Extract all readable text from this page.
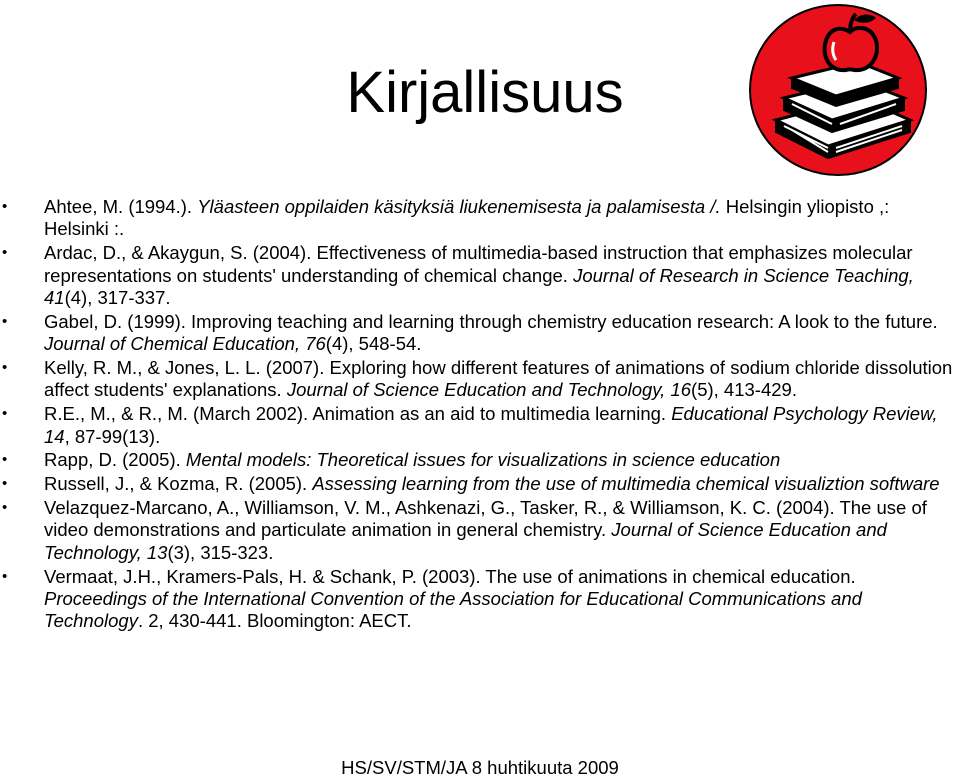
Kirjallisuus
• Ahtee, M. (1994.). Yläasteen oppilaiden käsityksiä liukenemisesta ja palamisesta /. Helsingin yliopisto ,: Helsinki :.
• Ardac, D., & Akaygun, S. (2004). Effectiveness of multimedia-based instruction that emphasizes molecular representations on students' understanding of chemical change. Journal of Research in Science Teaching, 41(4), 317-337.
• Gabel, D. (1999). Improving teaching and learning through chemistry education research: A look to the future. Journal of Chemical Education, 76(4), 548-54.
• Kelly, R. M., & Jones, L. L. (2007). Exploring how different features of animations of sodium chloride dissolution affect students' explanations. Journal of Science Education and Technology, 16(5), 413-429.
• R.E., M., & R., M. (March 2002). Animation as an aid to multimedia learning. Educational Psychology Review, 14, 87-99(13).
• Rapp, D. (2005). Mental models: Theoretical issues for visualizations in science education
• Russell, J., & Kozma, R. (2005). Assessing learning from the use of multimedia chemical visualiztion software
• Velazquez-Marcano, A., Williamson, V. M., Ashkenazi, G., Tasker, R., & Williamson, K. C. (2004). The use of video demonstrations and particulate animation in general chemistry. Journal of Science Education and Technology, 13(3), 315-323.
• Vermaat, J.H., Kramers-Pals, H. & Schank, P. (2003). The use of animations in chemical education. Proceedings of the International Convention of the Association for Educational Communications and Technology. 2, 430-441. Bloomington: AECT.
HS/SV/STM/JA 8 huhtikuuta 2009
